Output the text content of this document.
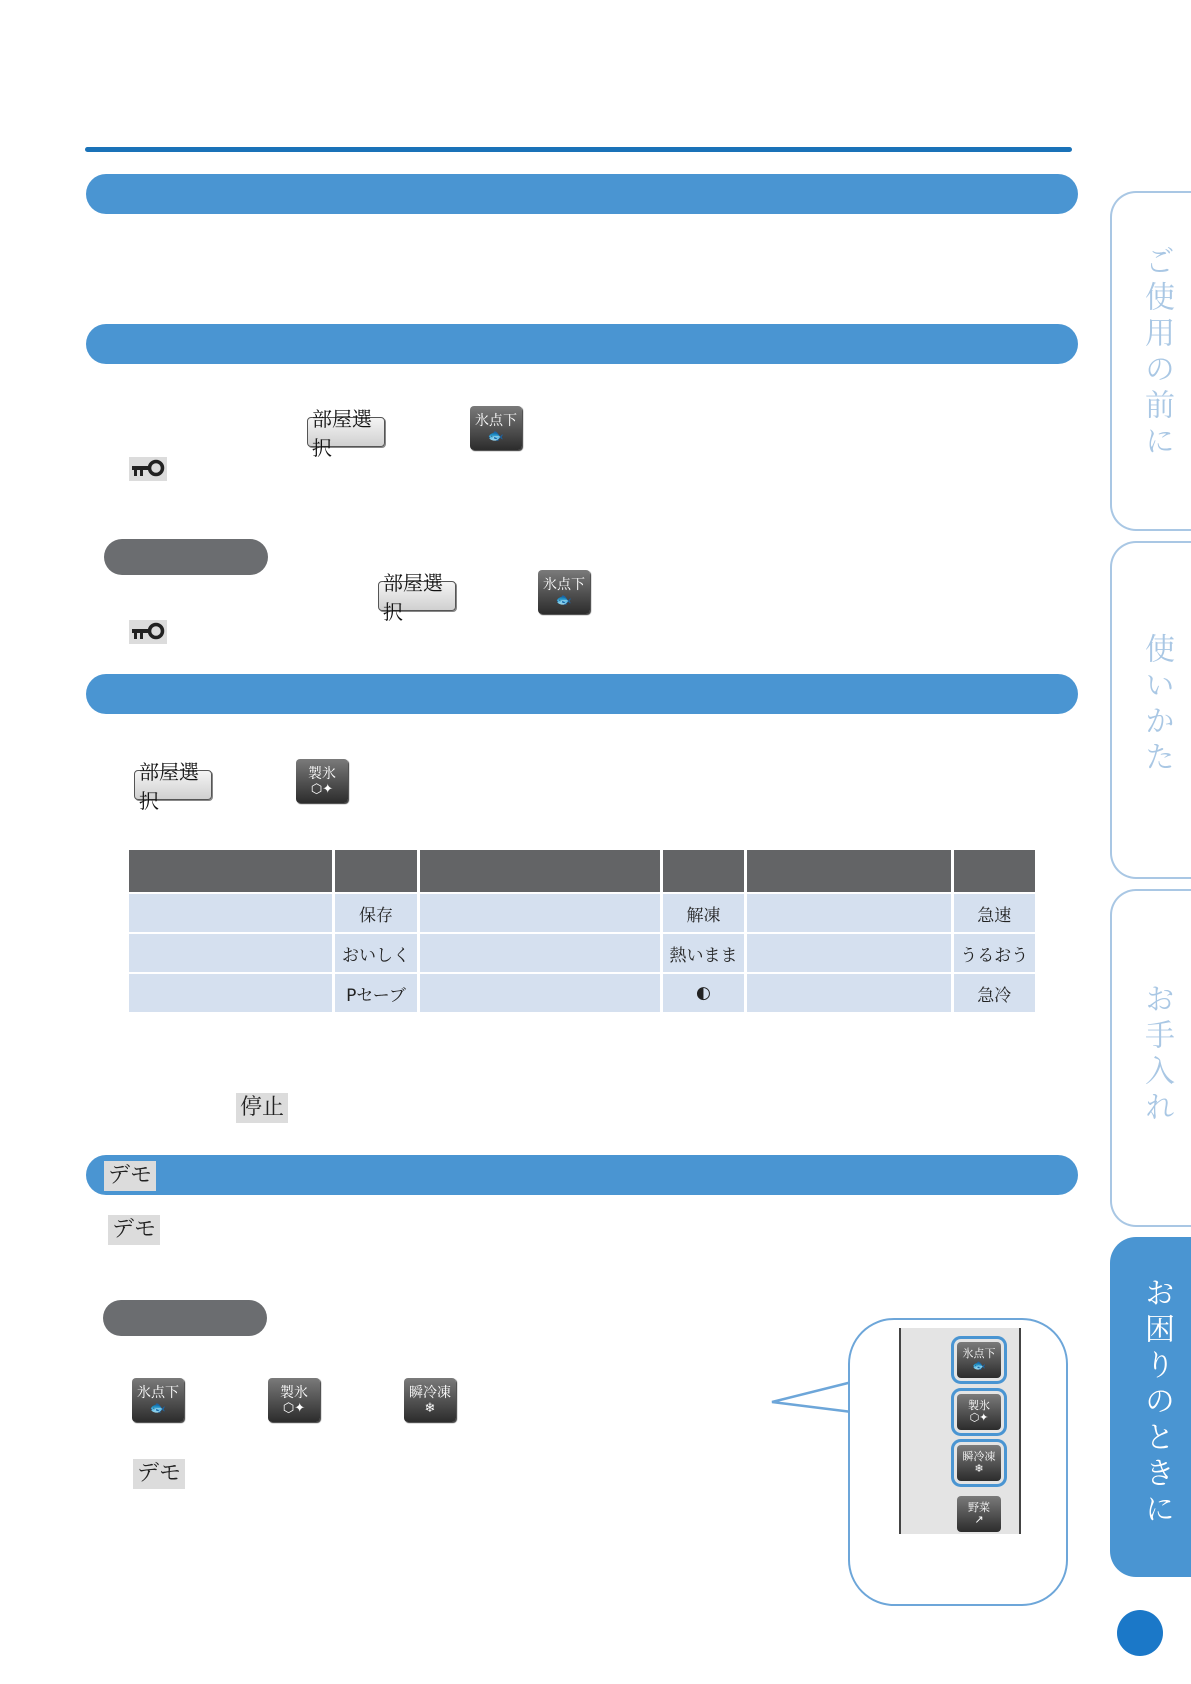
デモ
部屋選択
氷点下
🐟
部屋選択
氷点下
🐟
部屋選択
製氷
⬡✦

	保存		解凍		急速
	おいしく		熱いまま		うるおう
	Pセーブ		◐		急冷
停止
デモ
氷点下
🐟
製氷
⬡✦
瞬冷凍
❄
デモ
氷点下
🐟
製氷
⬡✦
瞬冷凍
❄
野菜
↗
ご使用の前に
使いかた
お手入れ
お困りのときに
